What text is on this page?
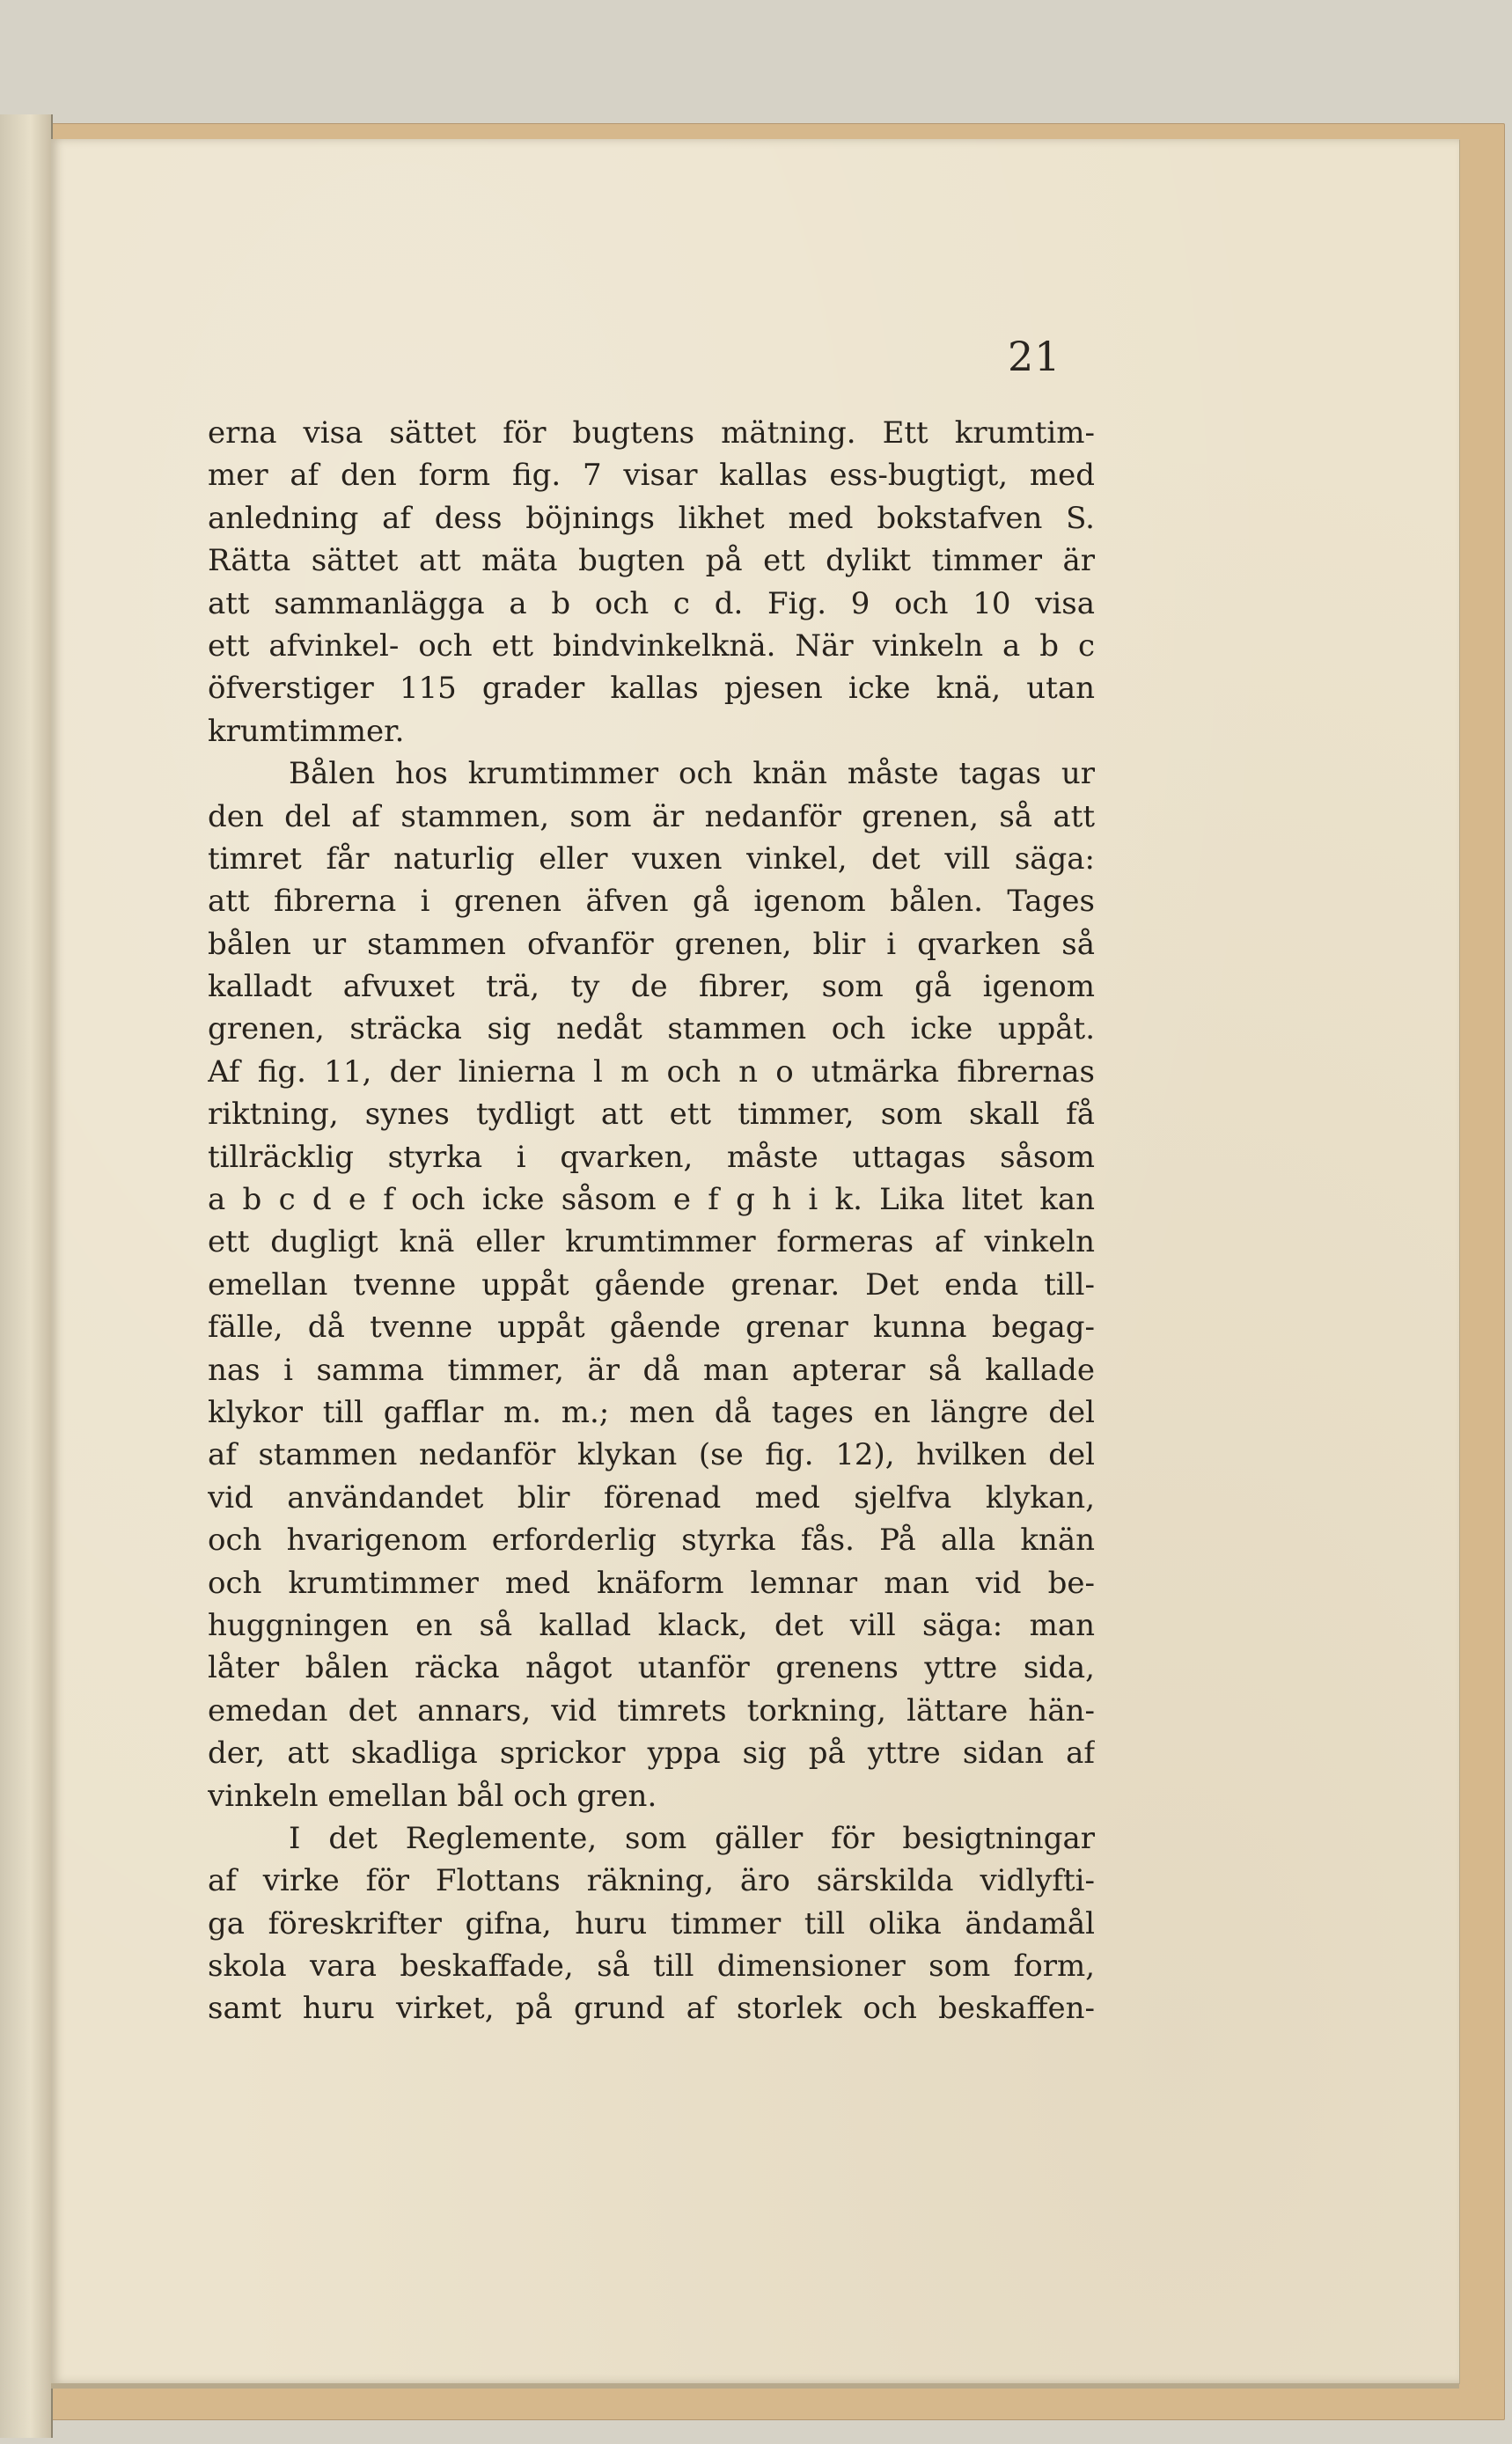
21
erna visa sättet för bugtens mätning. Ett krumtim-
mer af den form fig. 7 visar kallas ess-bugtigt, med
anledning af dess böjnings likhet med bokstafven S.
Rätta sättet att mäta bugten på ett dylikt timmer är
att sammanlägga a b och c d. Fig. 9 och 10 visa
ett afvinkel- och ett bindvinkelknä. När vinkeln a b c
öfverstiger 115 grader kallas pjesen icke knä, utan
krumtimmer.
Bålen hos krumtimmer och knän måste tagas ur
den del af stammen, som är nedanför grenen, så att
timret får naturlig eller vuxen vinkel, det vill säga:
att fibrerna i grenen äfven gå igenom bålen. Tages
bålen ur stammen ofvanför grenen, blir i qvarken så
kalladt afvuxet trä, ty de fibrer, som gå igenom
grenen, sträcka sig nedåt stammen och icke uppåt.
Af fig. 11, der linierna l m och n o utmärka fibrernas
riktning, synes tydligt att ett timmer, som skall få
tillräcklig styrka i qvarken, måste uttagas såsom
a b c d e f och icke såsom e f g h i k. Lika litet kan
ett dugligt knä eller krumtimmer formeras af vinkeln
emellan tvenne uppåt gående grenar. Det enda till-
fälle, då tvenne uppåt gående grenar kunna begag-
nas i samma timmer, är då man apterar så kallade
klykor till gafflar m. m.; men då tages en längre del
af stammen nedanför klykan (se fig. 12), hvilken del
vid användandet blir förenad med sjelfva klykan,
och hvarigenom erforderlig styrka fås. På alla knän
och krumtimmer med knäform lemnar man vid be-
huggningen en så kallad klack, det vill säga: man
låter bålen räcka något utanför grenens yttre sida,
emedan det annars, vid timrets torkning, lättare hän-
der, att skadliga sprickor yppa sig på yttre sidan af
vinkeln emellan bål och gren.
I det Reglemente, som gäller för besigtningar
af virke för Flottans räkning, äro särskilda vidlyfti-
ga föreskrifter gifna, huru timmer till olika ändamål
skola vara beskaffade, så till dimensioner som form,
samt huru virket, på grund af storlek och beskaffen-
